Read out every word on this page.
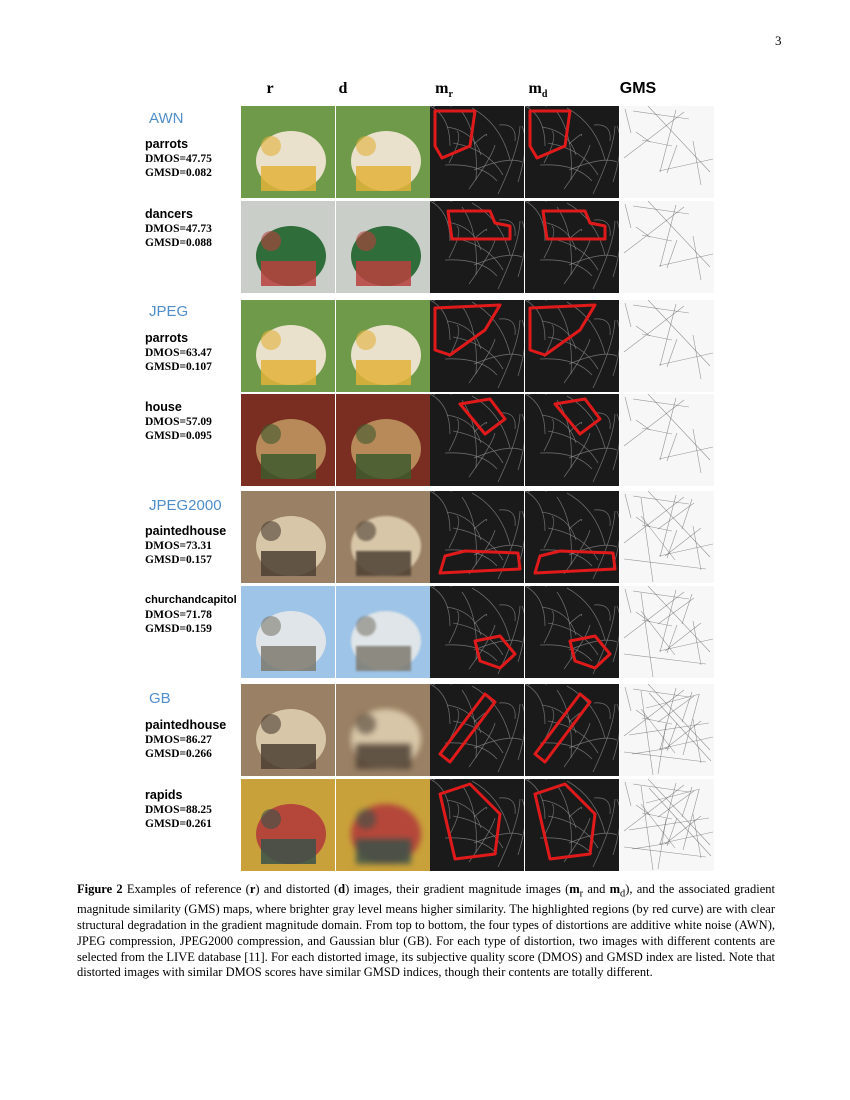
3
r	d	$m_r$	$m_d$	GMS
AWN
parrots
DMOS=47.75
GMSD=0.082
dancers
DMOS=47.73
GMSD=0.088
JPEG
parrots
DMOS=63.47
GMSD=0.107
house
DMOS=57.09
GMSD=0.095
JPEG2000
paintedhouse
DMOS=73.31
GMSD=0.157
churchandcapitol
DMOS=71.78
GMSD=0.159
GB
paintedhouse
DMOS=86.27
GMSD=0.266
rapids
DMOS=88.25
GMSD=0.261
Figure 2 Examples of reference (r) and distorted (d) images, their gradient magnitude images ($m_r$ and $m_d$), and the associated gradient magnitude similarity (GMS) maps, where brighter gray level means higher similarity. The highlighted regions (by red curve) are with clear structural degradation in the gradient magnitude domain. From top to bottom, the four types of distortions are additive white noise (AWN), JPEG compression, JPEG2000 compression, and Gaussian blur (GB). For each type of distortion, two images with different contents are selected from the LIVE database [11]. For each distorted image, its subjective quality score (DMOS) and GMSD index are listed. Note that distorted images with similar DMOS scores have similar GMSD indices, though their contents are totally different.
